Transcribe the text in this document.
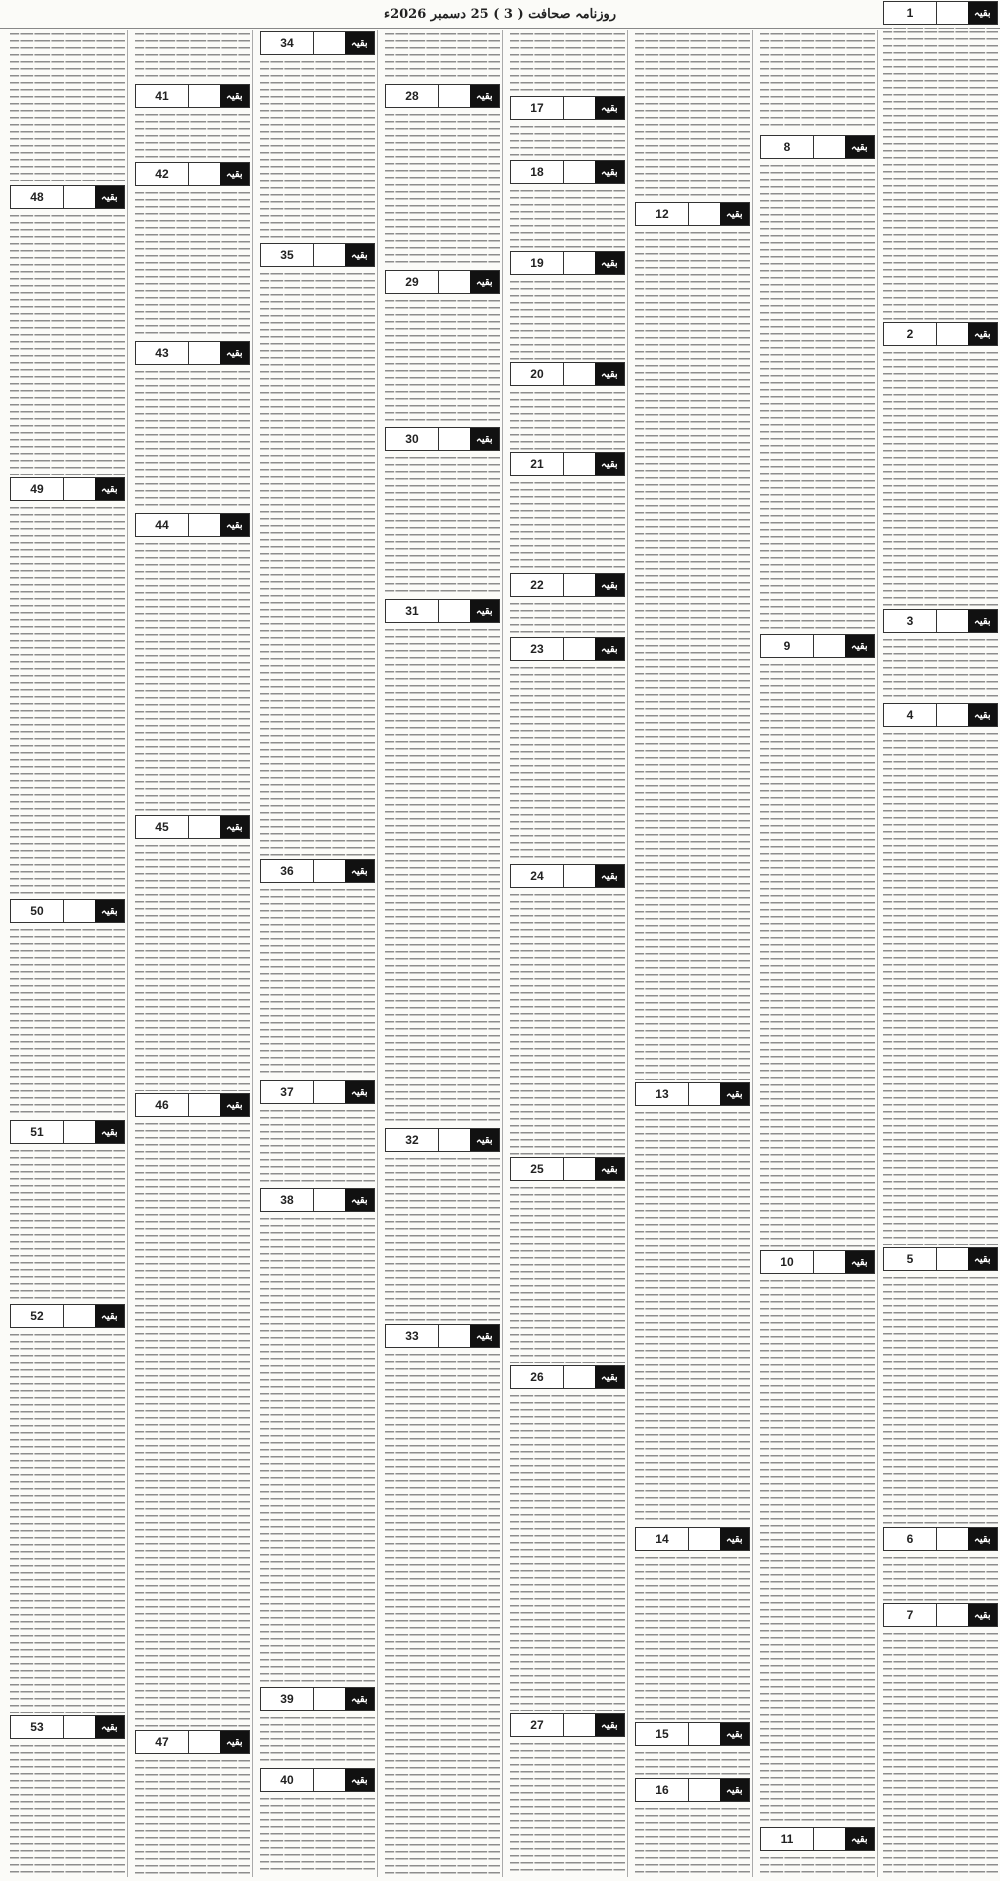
روزنامہ صحافت ( 3 ) 25 دسمبر 2026ء	1	بقیہ
2	بقیہ
3	بقیہ
4	بقیہ
5	بقیہ
6	بقیہ
7	بقیہ
8	بقیہ
9	بقیہ
10	بقیہ
11	بقیہ
12	بقیہ
13	بقیہ
14	بقیہ
15	بقیہ
16	بقیہ
17	بقیہ
18	بقیہ
19	بقیہ
20	بقیہ
21	بقیہ
22	بقیہ
23	بقیہ
24	بقیہ
25	بقیہ
26	بقیہ
27	بقیہ
28	بقیہ
29	بقیہ
30	بقیہ
31	بقیہ
32	بقیہ
33	بقیہ
34	بقیہ
35	بقیہ
36	بقیہ
37	بقیہ
38	بقیہ
39	بقیہ
40	بقیہ
41	بقیہ
42	بقیہ
43	بقیہ
44	بقیہ
45	بقیہ
46	بقیہ
47	بقیہ
48	بقیہ
49	بقیہ
50	بقیہ
51	بقیہ
52	بقیہ
53	بقیہ
